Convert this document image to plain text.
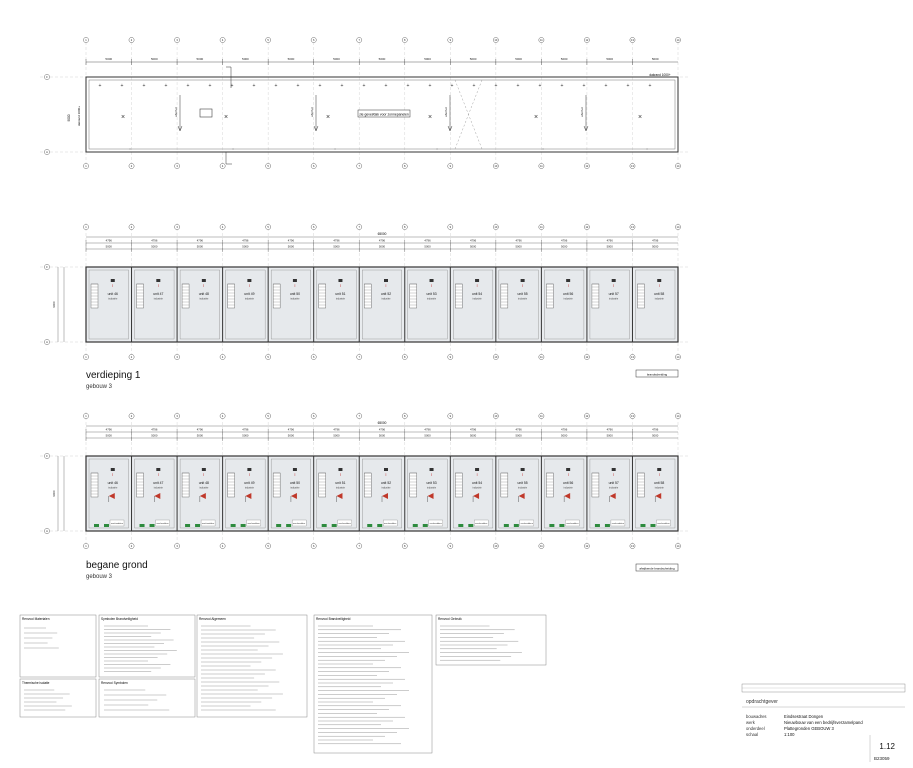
1
1
2
2
3
3
4
4
5
5
6
6
7
7
8
8
9
9
10
10
11
11
12
12
13
13
14
14
5000	5000	5000	5000	5000	5000	5000	5000	5000	5000	5000	5000	5000
F
A
zie gevel/dak voor zonnepanelen
dakrand 1000+
9000 dakrand 1000+
+	+	+	+	+	+	+	+	+	+	+	+	+	+	+	+	+	+	+	+	+	+	+	+	+	+
×	×	×	×	×	×
afschot	afschot	afschot	afschot
○	○	○	○	○	○
1
1
2
2
3
3
4
4
5
5
6
6
7
7
8
8
9
9
10
10
11
11
12
12
13
13
14
14
F
A
5000
4796
5000
4796
5000
4796
5000
4796
5000
4796
5000
4796
5000
4796
5000
4796
5000
4796
5000
4796
5000
4796
5000
4796
5000
4796
9000
unit 46
industrie
ꟾ
unit 47
industrie
ꟾ
unit 48
industrie
ꟾ
unit 49
industrie
ꟾ
unit 50
industrie
ꟾ
unit 51
industrie
ꟾ
unit 52
industrie
ꟾ
unit 53
industrie
ꟾ
unit 54
industrie
ꟾ
unit 55
industrie
ꟾ
unit 56
industrie
ꟾ
unit 57
industrie
ꟾ
unit 58
industrie
ꟾ
65000
verdieping 1
gebouw 3
brandscheiding
1
1
2
2
3
3
4
4
5
5
6
6
7
7
8
8
9
9
10
10
11
11
12
12
13
13
14
14
F
A
5000
4796
5000
4796
5000
4796
5000
4796
5000
4796
5000
4796
5000
4796
5000
4796
5000
4796
5000
4796
5000
4796
5000
4796
5000
4796
9000
unit 46
industrie
ꟾ
overheaddeur
unit 47
industrie
ꟾ
overheaddeur
unit 48
industrie
ꟾ
overheaddeur
unit 49
industrie
ꟾ
overheaddeur
unit 50
industrie
ꟾ
overheaddeur
unit 51
industrie
ꟾ
overheaddeur
unit 52
industrie
ꟾ
overheaddeur
unit 53
industrie
ꟾ
overheaddeur
unit 54
industrie
ꟾ
overheaddeur
unit 55
industrie
ꟾ
overheaddeur
unit 56
industrie
ꟾ
overheaddeur
unit 57
industrie
ꟾ
overheaddeur
unit 58
industrie
ꟾ
overheaddeur
65000
begane grond
gebouw 3
afwijkende brandscheiding
Renvooi Materialen
Thermische isolatie
Symbolen Brandveiligheid
Renvooi Symbolen
Renvooi Algemeen	Renvooi Brandveiligheid	Renvooi Gebruik
opdrachtgever
bouwadres	Eindsestraat Dongen
werk	Nieuwbouw van een bedrijfsverzamelpand
onderdeel	Plattegronden GEBOUW 3
schaal	1:100
1.12
B23059
